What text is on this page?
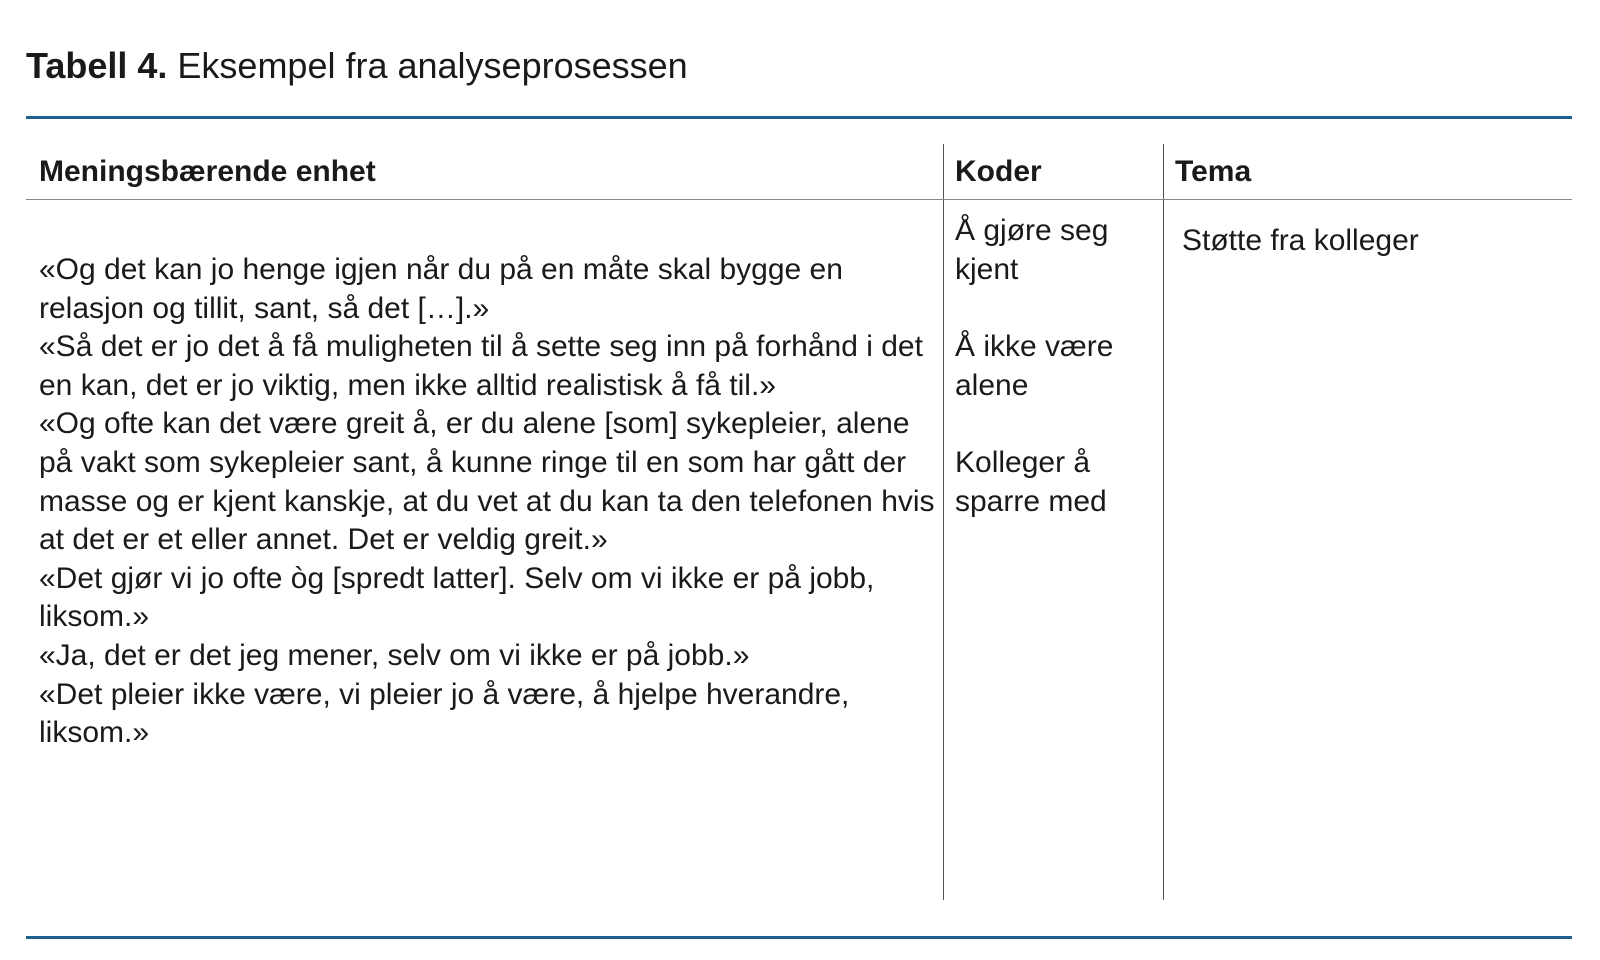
Tabell 4. Eksempel fra analyseprosessen
Meningsbærende enhet	Koder	Tema

«Og det kan jo henge igjen når du på en måte skal bygge en relasjon og tillit, sant, så det […].»

«Så det er jo det å få muligheten til å sette seg inn på forhånd i det en kan, det er jo viktig, men ikke alltid realistisk å få til.»

«Og ofte kan det være greit å, er du alene [som] sykepleier, alene på vakt som sykepleier sant, å kunne ringe til en som har gått der masse og er kjent kanskje, at du vet at du kan ta den telefonen hvis at det er et eller annet. Det er veldig greit.»

«Det gjør vi jo ofte òg [spredt latter]. Selv om vi ikke er på jobb, liksom.»

«Ja, det er det jeg mener, selv om vi ikke er på jobb.»

«Det pleier ikke være, vi pleier jo å være, å hjelpe hverandre, liksom.»

Å gjøre seg kjent

Å ikke være alene

Kolleger å sparre med

Støtte fra kolleger
